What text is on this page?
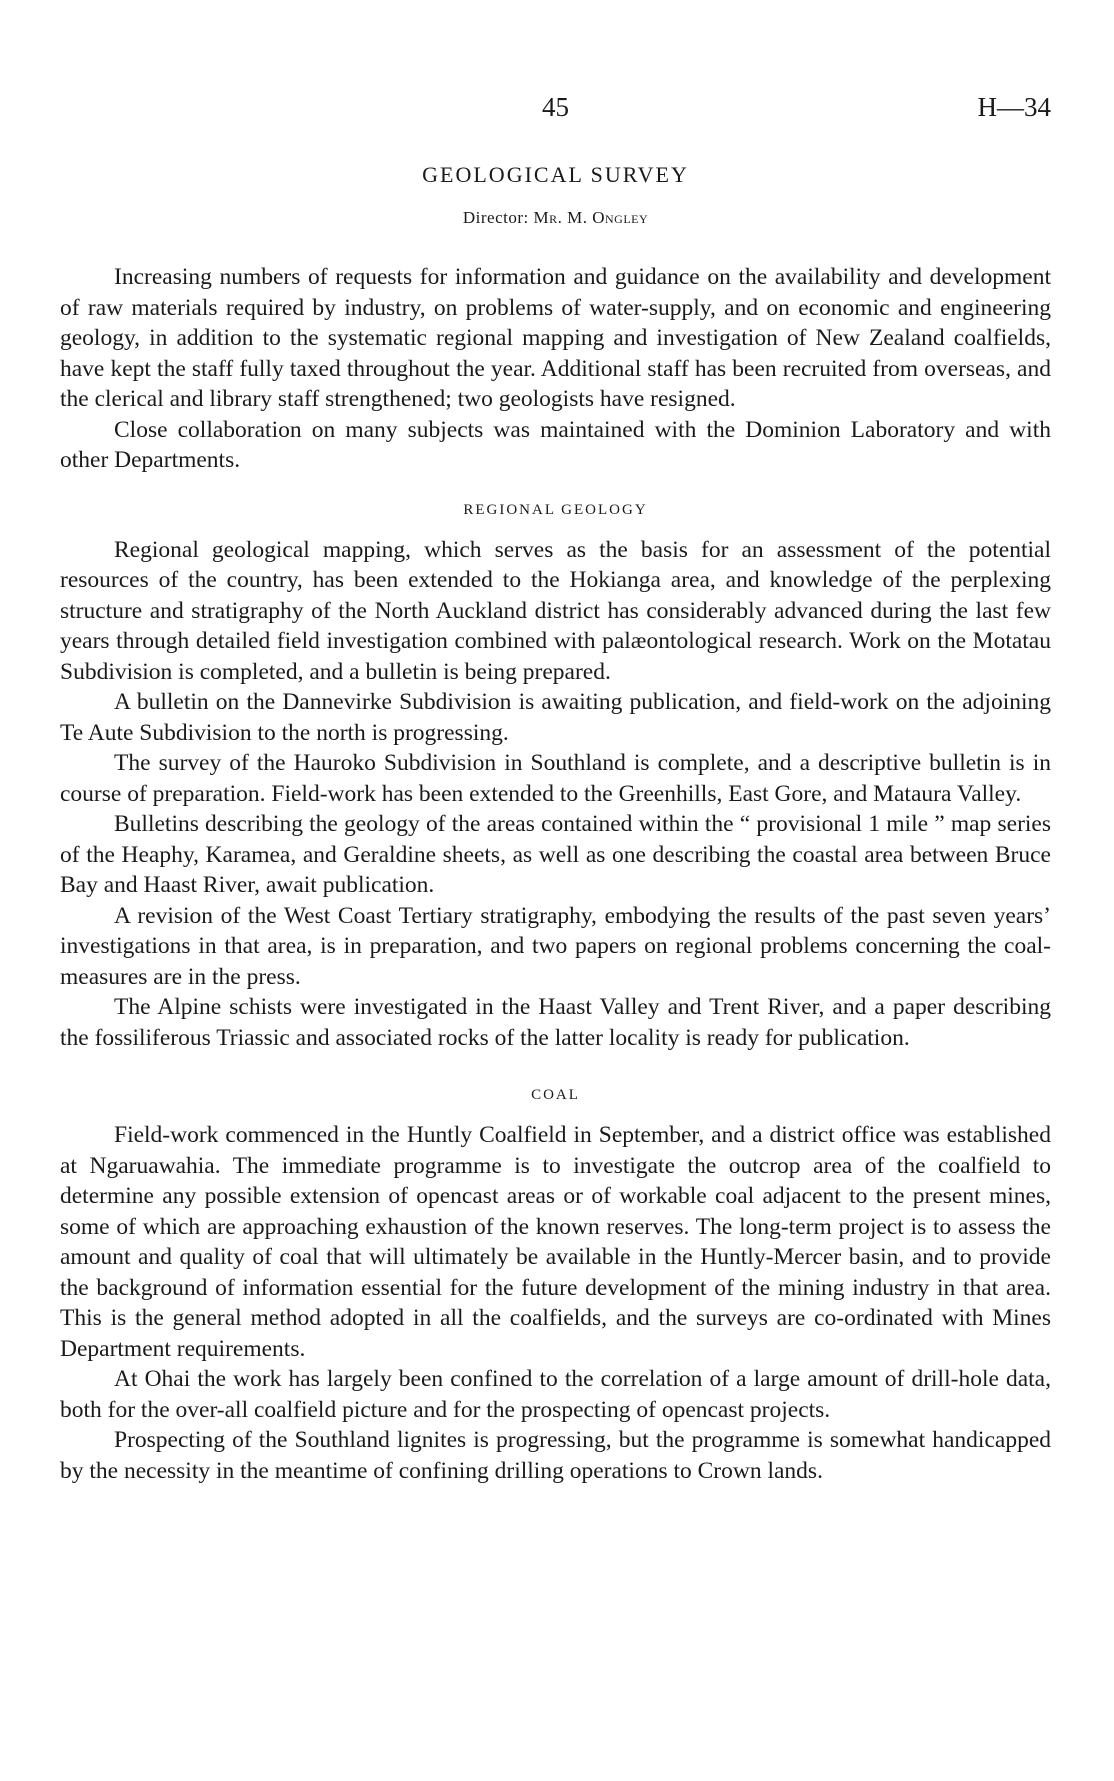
45	H—34
GEOLOGICAL SURVEY
Director: Mr. M. Ongley

Increasing numbers of requests for information and guidance on the availability and development of raw materials required by industry, on problems of water-supply, and on economic and engineering geology, in addition to the systematic regional mapping and investigation of New Zealand coalfields, have kept the staff fully taxed throughout the year. Additional staff has been recruited from overseas, and the clerical and library staff strengthened; two geologists have resigned.

Close collaboration on many subjects was maintained with the Dominion Laboratory and with other Departments.

REGIONAL GEOLOGY

Regional geological mapping, which serves as the basis for an assessment of the potential resources of the country, has been extended to the Hokianga area, and knowledge of the perplexing structure and stratigraphy of the North Auckland district has considerably advanced during the last few years through detailed field investigation combined with palæontological research. Work on the Motatau Subdivision is completed, and a bulletin is being prepared.

A bulletin on the Dannevirke Subdivision is awaiting publication, and field-work on the adjoining Te Aute Subdivision to the north is progressing.

The survey of the Hauroko Subdivision in Southland is complete, and a descriptive bulletin is in course of preparation. Field-work has been extended to the Greenhills, East Gore, and Mataura Valley.

Bulletins describing the geology of the areas contained within the “ provisional 1 mile ” map series of the Heaphy, Karamea, and Geraldine sheets, as well as one describing the coastal area between Bruce Bay and Haast River, await publication.

A revision of the West Coast Tertiary stratigraphy, embodying the results of the past seven years’ investigations in that area, is in preparation, and two papers on regional problems concerning the coal-measures are in the press.

The Alpine schists were investigated in the Haast Valley and Trent River, and a paper describing the fossiliferous Triassic and associated rocks of the latter locality is ready for publication.

COAL

Field-work commenced in the Huntly Coalfield in September, and a district office was established at Ngaruawahia. The immediate programme is to investigate the outcrop area of the coalfield to determine any possible extension of opencast areas or of workable coal adjacent to the present mines, some of which are approaching exhaustion of the known reserves. The long-term project is to assess the amount and quality of coal that will ultimately be available in the Huntly-Mercer basin, and to provide the background of information essential for the future development of the mining industry in that area. This is the general method adopted in all the coalfields, and the surveys are co-ordinated with Mines Department requirements.

At Ohai the work has largely been confined to the correlation of a large amount of drill-hole data, both for the over-all coalfield picture and for the prospecting of opencast projects.

Prospecting of the Southland lignites is progressing, but the programme is somewhat handicapped by the necessity in the meantime of confining drilling operations to Crown lands.
